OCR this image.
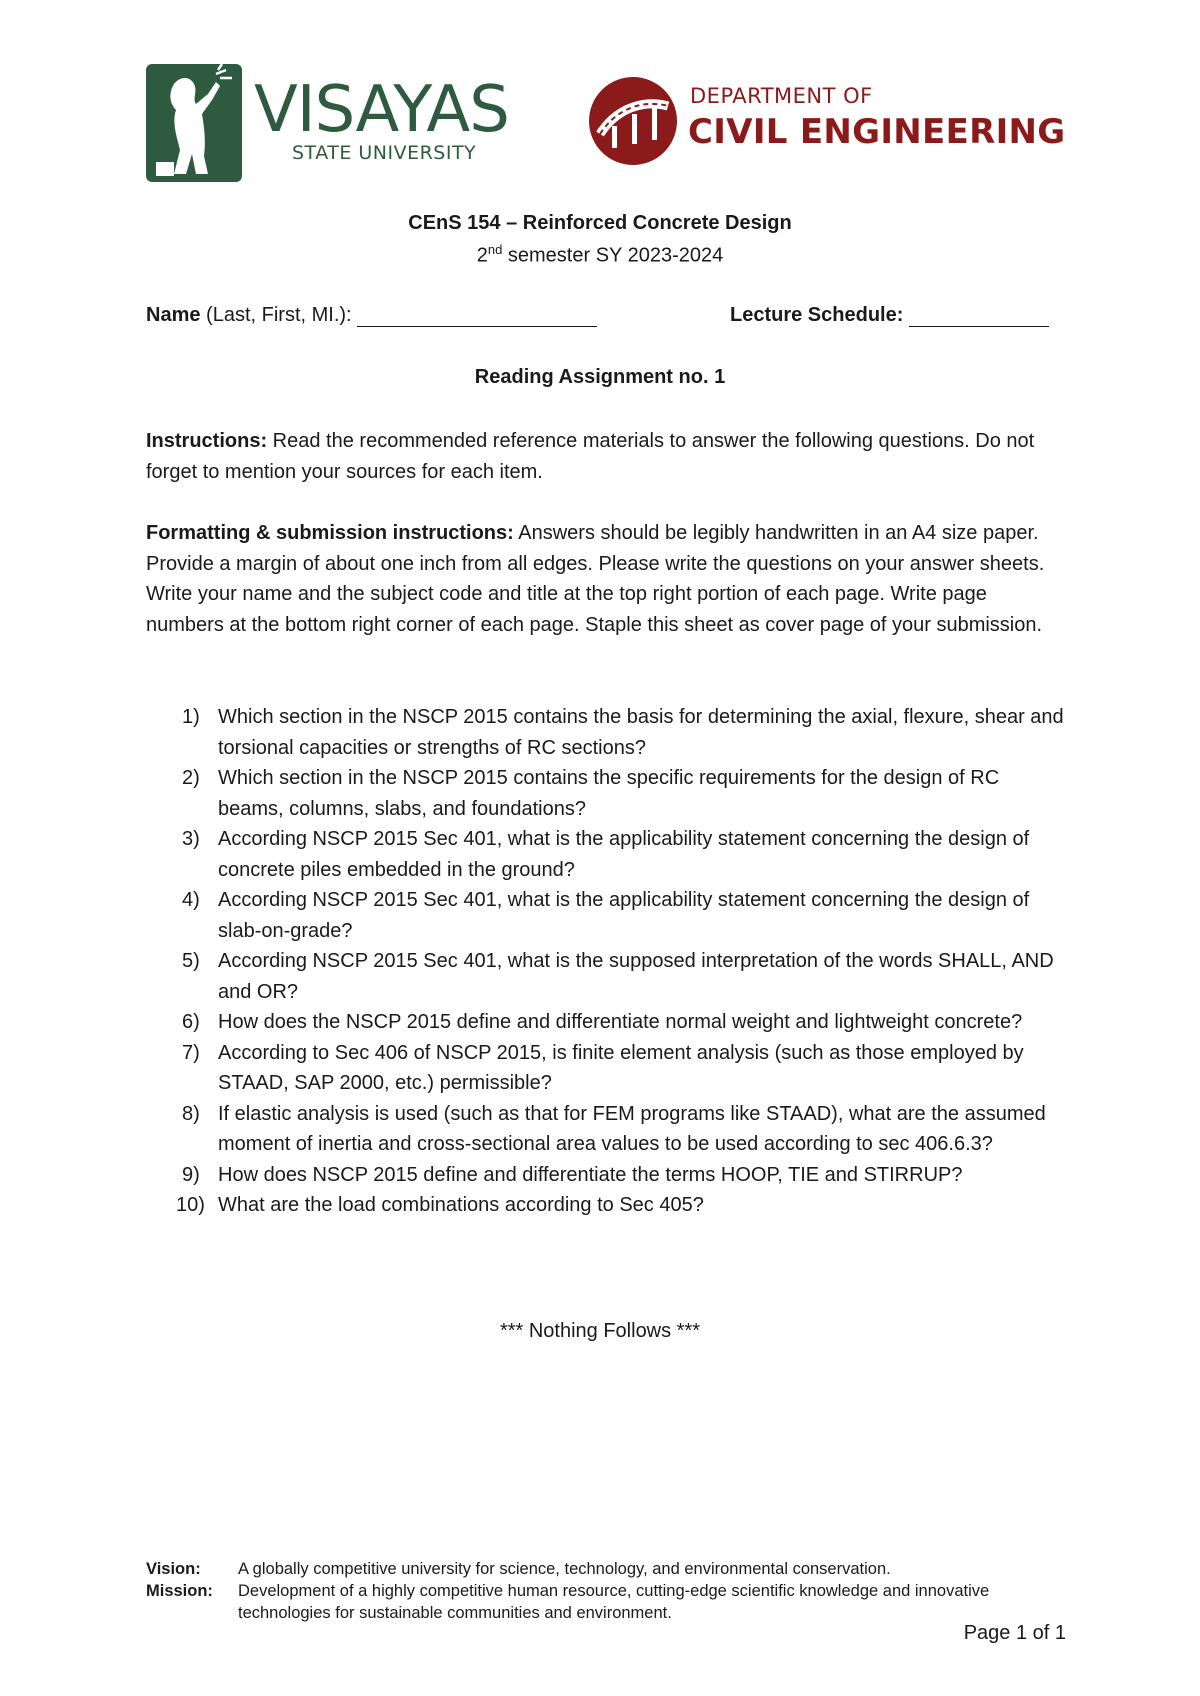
VISAYAS
STATE UNIVERSITY
DEPARTMENT OF
CIVIL ENGINEERING
CEnS 154 – Reinforced Concrete Design
2nd semester SY 2023-2024
Name (Last, First, MI.):	Lecture Schedule:
Reading Assignment no. 1
Instructions: Read the recommended reference materials to answer the following questions. Do not forget to mention your sources for each item.
Formatting & submission instructions: Answers should be legibly handwritten in an A4 size paper. Provide a margin of about one inch from all edges. Please write the questions on your answer sheets. Write your name and the subject code and title at the top right portion of each page. Write page numbers at the bottom right corner of each page. Staple this sheet as cover page of your submission.
1) Which section in the NSCP 2015 contains the basis for determining the axial, flexure, shear and torsional capacities or strengths of RC sections?
2) Which section in the NSCP 2015 contains the specific requirements for the design of RC beams, columns, slabs, and foundations?
3) According NSCP 2015 Sec 401, what is the applicability statement concerning the design of concrete piles embedded in the ground?
4) According NSCP 2015 Sec 401, what is the applicability statement concerning the design of slab-on-grade?
5) According NSCP 2015 Sec 401, what is the supposed interpretation of the words SHALL, AND and OR?
6) How does the NSCP 2015 define and differentiate normal weight and lightweight concrete?
7) According to Sec 406 of NSCP 2015, is finite element analysis (such as those employed by STAAD, SAP 2000, etc.) permissible?
8) If elastic analysis is used (such as that for FEM programs like STAAD), what are the assumed moment of inertia and cross-sectional area values to be used according to sec 406.6.3?
9) How does NSCP 2015 define and differentiate the terms HOOP, TIE and STIRRUP?
10) What are the load combinations according to Sec 405?
*** Nothing Follows ***
Vision: A globally competitive university for science, technology, and environmental conservation.
Mission: Development of a highly competitive human resource, cutting-edge scientific knowledge and innovative technologies for sustainable communities and environment.
Page 1 of 1
